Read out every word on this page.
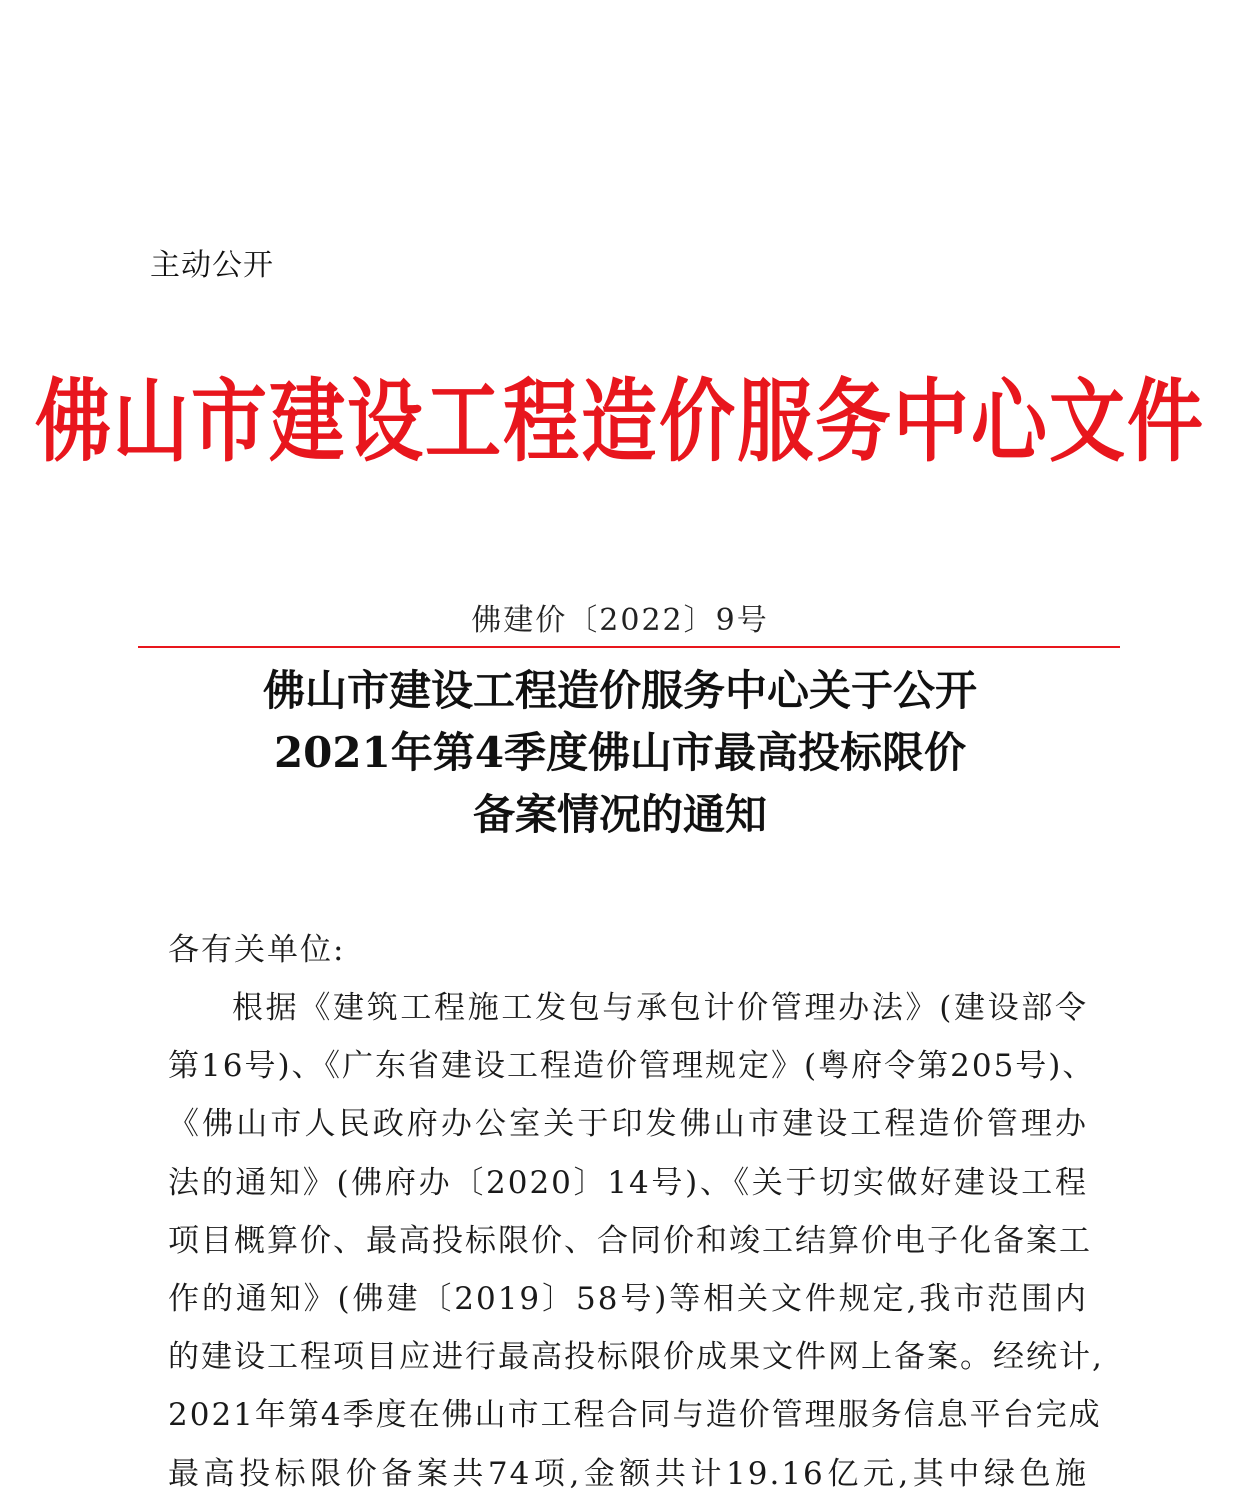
主动公开
佛山市建设工程造价服务中心文件
佛建价〔2022〕9号
佛山市建设工程造价服务中心关于公开
2021年第4季度佛山市最高投标限价
备案情况的通知
各有关单位:
根据《建筑工程施工发包与承包计价管理办法》(建设部令
第16号)、《广东省建设工程造价管理规定》(粤府令第205号)、
《佛山市人民政府办公室关于印发佛山市建设工程造价管理办
法的通知》(佛府办〔2020〕14号)、《关于切实做好建设工程
项目概算价、最高投标限价、合同价和竣工结算价电子化备案工
作的通知》(佛建〔2019〕58号)等相关文件规定,我市范围内
的建设工程项目应进行最高投标限价成果文件网上备案。经统计,
2021年第4季度在佛山市工程合同与造价管理服务信息平台完成
最高投标限价备案共74项,金额共计19.16亿元,其中绿色施
